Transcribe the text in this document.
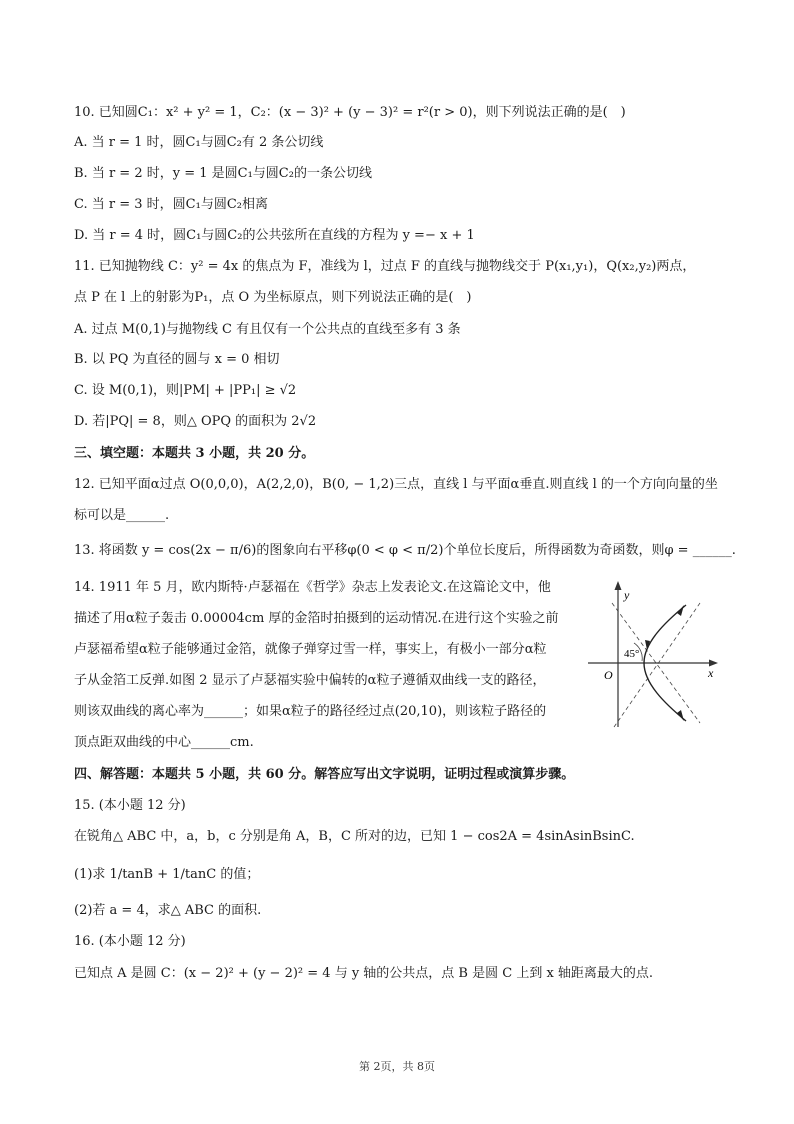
10. 已知圆C₁：x² + y² = 1，C₂：(x − 3)² + (y − 3)² = r²(r > 0)，则下列说法正确的是(　)
A. 当 r = 1 时，圆C₁与圆C₂有 2 条公切线
B. 当 r = 2 时，y = 1 是圆C₁与圆C₂的一条公切线
C. 当 r = 3 时，圆C₁与圆C₂相离
D. 当 r = 4 时，圆C₁与圆C₂的公共弦所在直线的方程为 y =− x + 1
11. 已知抛物线 C：y² = 4x 的焦点为 F，准线为 l，过点 F 的直线与抛物线交于 P(x₁,y₁)，Q(x₂,y₂)两点，
点 P 在 l 上的射影为P₁，点 O 为坐标原点，则下列说法正确的是(　)
A. 过点 M(0,1)与抛物线 C 有且仅有一个公共点的直线至多有 3 条
B. 以 PQ 为直径的圆与 x = 0 相切
C. 设 M(0,1)，则|PM| + |PP₁| ≥ √2
D. 若|PQ| = 8，则△ OPQ 的面积为 2√2
三、填空题：本题共 3 小题，共 20 分。
12. 已知平面α过点 O(0,0,0)，A(2,2,0)，B(0, − 1,2)三点，直线 l 与平面α垂直.则直线 l 的一个方向向量的坐
标可以是______.
13. 将函数 y = cos(2x − π/6)的图象向右平移φ(0 < φ < π/2)个单位长度后，所得函数为奇函数，则φ = ______.
14. 1911 年 5 月，欧内斯特·卢瑟福在《哲学》杂志上发表论文.在这篇论文中，他
描述了用α粒子轰击 0.00004cm 厚的金箔时拍摄到的运动情况.在进行这个实验之前
卢瑟福希望α粒子能够通过金箔，就像子弹穿过雪一样，事实上，有极小一部分α粒
子从金箔工反弹.如图 2 显示了卢瑟福实验中偏转的α粒子遵循双曲线一支的路径，
则该双曲线的离心率为______；如果α粒子的路径经过点(20,10)，则该粒子路径的
顶点距双曲线的中心______cm.
y
x
O
45°
四、解答题：本题共 5 小题，共 60 分。解答应写出文字说明，证明过程或演算步骤。
15. (本小题 12 分)
在锐角△ ABC 中，a，b，c 分别是角 A，B，C 所对的边，已知 1 − cos2A = 4sinAsinBsinC.
(1)求 1/tanB + 1/tanC 的值；
(2)若 a = 4，求△ ABC 的面积.
16. (本小题 12 分)
已知点 A 是圆 C：(x − 2)² + (y − 2)² = 4 与 y 轴的公共点，点 B 是圆 C 上到 x 轴距离最大的点.
第 2页，共 8页
